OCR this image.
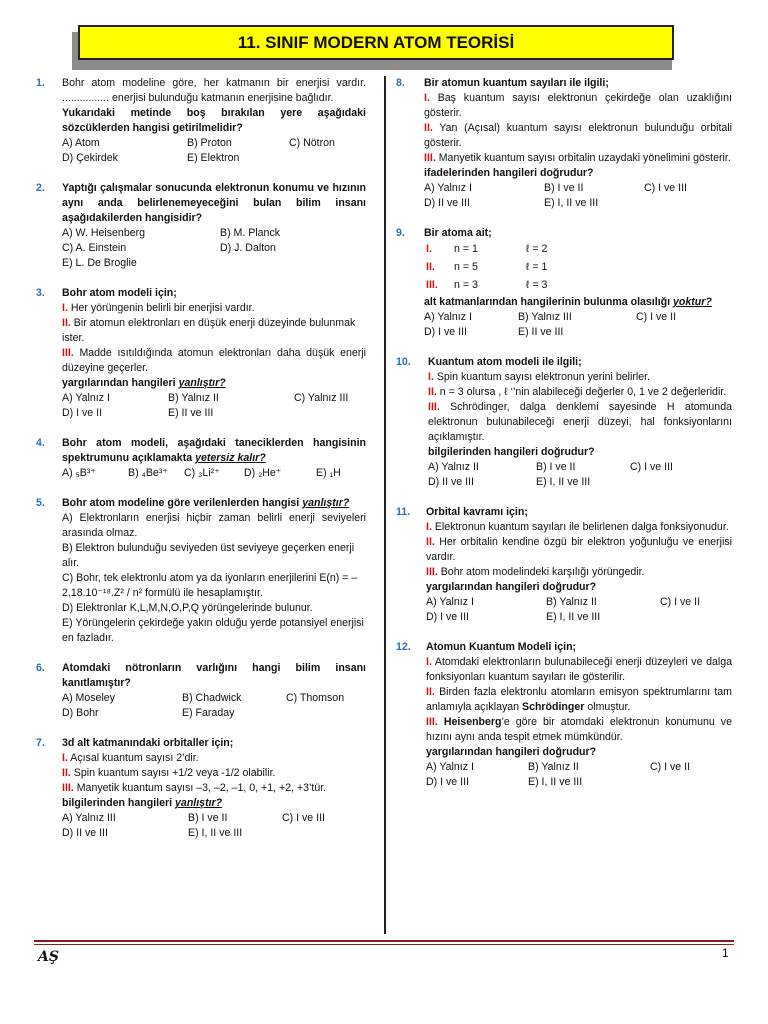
11. SINIF MODERN ATOM TEORİSİ
1. Bohr atom modeline göre, her katmanın bir enerjisi vardır. ................ enerjisi bulunduğu katmanın enerjisine bağlıdır.
Yukarıdaki metinde boş bırakılan yere aşağıdaki sözcüklerden hangisi getirilmelidir?
A) Atom	B) Proton	C) Nötron
D) Çekirdek	E) Elektron
2. Yaptığı çalışmalar sonucunda elektronun konumu ve hızının aynı anda belirlenemeyeceğini bulan bilim insanı aşağıdakilerden hangisidir?
A) W. Heisenberg	B) M. Planck
C) A. Einstein	D) J. Dalton
E) L. De Broglie
3. Bohr atom modeli için;
I. Her yörüngenin belirli bir enerjisi vardır.
II. Bir atomun elektronları en düşük enerji düzeyinde bulunmak ister.
III. Madde ısıtıldığında atomun elektronları daha düşük enerji düzeyine geçerler.
yargılarından hangileri yanlıştır?
A) Yalnız I	B) Yalnız II	C) Yalnız III
D) I ve II	E) II ve III
4. Bohr atom modeli, aşağıdaki taneciklerden hangisinin spektrumunu açıklamakta yetersiz kalır?
A) ₅B³⁺	B) ₄Be³⁺ C) ₃Li²⁺ D) ₂He⁺	E) ₁H
5. Bohr atom modeline göre verilenlerden hangisi yanlıştır?
A) Elektronların enerjisi hiçbir zaman belirli enerji seviyeleri arasında olmaz.
B) Elektron bulunduğu seviyeden üst seviyeye geçerken enerji alır.
C) Bohr, tek elektronlu atom ya da iyonların enerjilerini E(n) = –2,18.10⁻¹⁸.Z² / n² formülü ile hesaplamıştır.
D) Elektronlar K,L,M,N,O,P,Q yörüngelerinde bulunur.
E) Yörüngelerin çekirdeğe yakın olduğu yerde potansiyel enerjisi en fazladır.
6. Atomdaki nötronların varlığını hangi bilim insanı kanıtlamıştır?
A) Moseley	B) Chadwick	C) Thomson
D) Bohr	E) Faraday
7. 3d alt katmanındaki orbitaller için;
I. Açısal kuantum sayısı 2’dir.
II. Spin kuantum sayısı +1/2 veya -1/2 olabilir.
III. Manyetik kuantum sayısı –3, –2, –1, 0, +1, +2, +3’tür.
bilgilerinden hangileri yanlıştır?
A) Yalnız III	B) I ve II	C) I ve III
D) II ve III	E) I, II ve III
8. Bir atomun kuantum sayıları ile ilgili;
I. Baş kuantum sayısı elektronun çekirdeğe olan uzaklığını gösterir.
II. Yan (Açısal) kuantum sayısı elektronun bulunduğu orbitali gösterir.
III. Manyetik kuantum sayısı orbitalin uzaydaki yönelimini gösterir.
ifadelerinden hangileri doğrudur?
A) Yalnız I	B) I ve II	C) I ve III
D) II ve III	E) I, II ve III
9. Bir atoma ait;
I. n = 1	ℓ = 2
II. n = 5	ℓ = 1
III. n = 3	ℓ = 3
alt katmanlarından hangilerinin bulunma olasılığı yoktur?
A) Yalnız I	B) Yalnız III	C) I ve II
D) I ve III	E) II ve III
10.	Kuantum atom modeli ile ilgili;
I. Spin kuantum sayısı elektronun yerini belirler.
II. n = 3 olursa , ℓ ‘’nin alabileceği değerler 0, 1 ve 2 değerleridir.
III. Schrödinger, dalga denklemi sayesinde H atomunda elektronun bulunabileceği enerji düzeyi, hal fonksiyonlarını açıklamıştır.
bilgilerinden hangileri doğrudur?
A) Yalnız II	B) I ve II	C) I ve III
D) II ve III	E) I, II ve III
11. Orbital kavramı için;
I. Elektronun kuantum sayıları ile belirlenen dalga fonksiyonudur.
II. Her orbitalin kendine özgü bir elektron yoğunluğu ve enerjisi vardır.
III. Bohr atom modelindeki karşılığı yörüngedir.
yargılarından hangileri doğrudur?
A) Yalnız I	B) Yalnız II	C) I ve II
D) I ve III	E) I, II ve III
12. Atomun Kuantum Modeli için;
I. Atomdaki elektronların bulunabileceği enerji düzeyleri ve dalga fonksiyonları kuantum sayıları ile gösterilir.
II. Birden fazla elektronlu atomların emisyon spektrumlarını tam anlamıyla açıklayan Schrödinger olmuştur.
III. Heisenberg’e göre bir atomdaki elektronun konumunu ve hızını aynı anda tespit etmek mümkündür.
yargılarından hangileri doğrudur?
A) Yalnız I	B) Yalnız II	C) I ve II
D) I ve III	E) I, II ve III
AŞ	1
